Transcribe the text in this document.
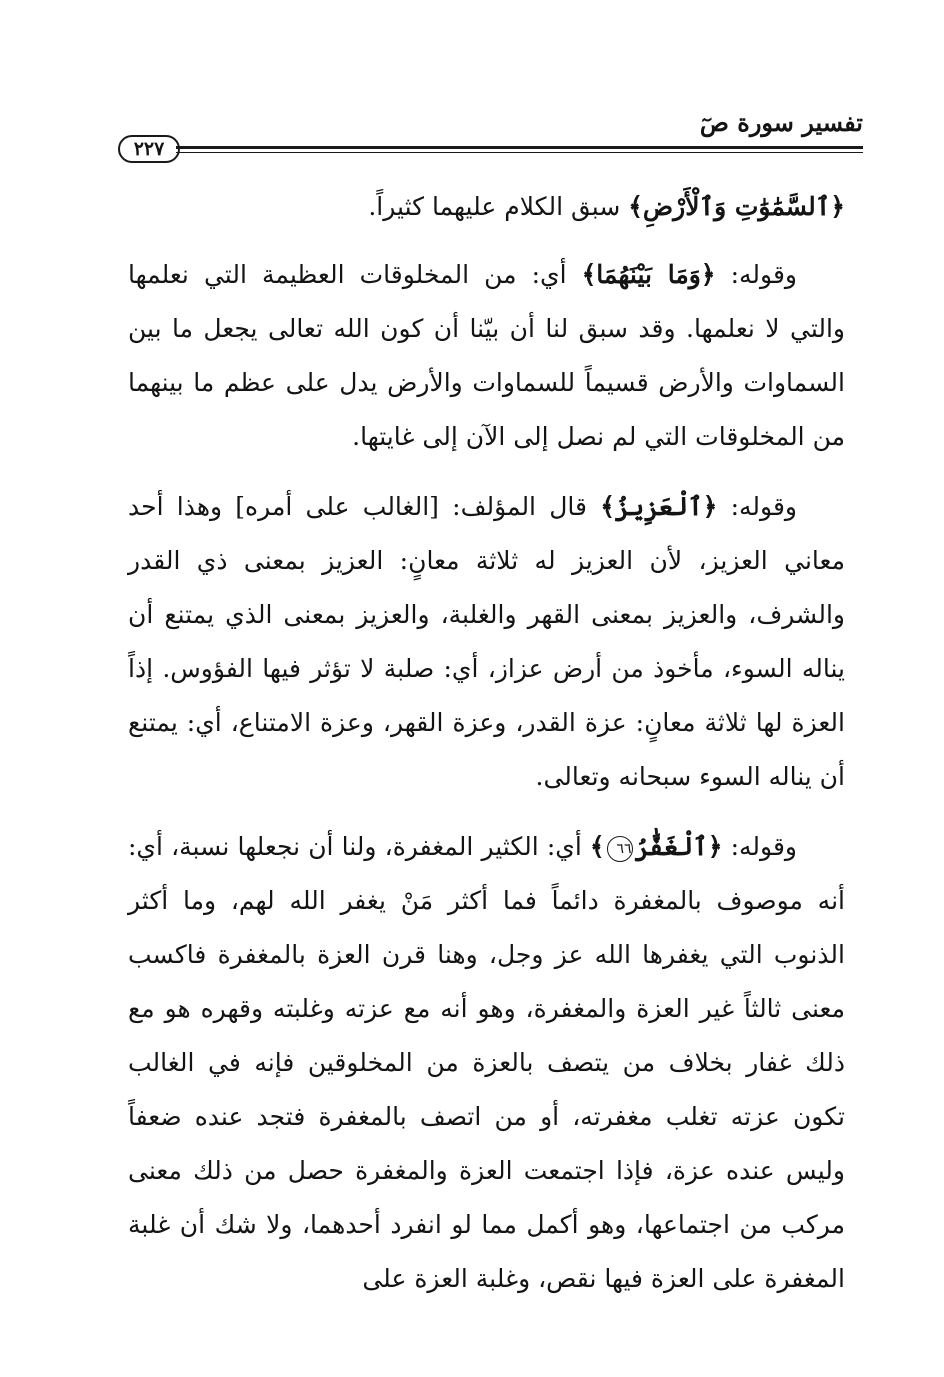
تفسير سورة صٓ
٢٢٧

﴿ٱلسَّمَٰوَٰتِ وَٱلْأَرْضِ﴾ سبق الكلام عليهما كثيراً.

وقوله: ﴿وَمَا بَيْنَهُمَا﴾ أي: من المخلوقات العظيمة التي نعلمها والتي لا نعلمها. وقد سبق لنا أن بيّنا أن كون الله تعالى يجعل ما بين السماوات والأرض قسيماً للسماوات والأرض يدل على عظم ما بينهما من المخلوقات التي لم نصل إلى الآن إلى غايتها.

وقوله: ﴿ٱلْعَزِيزُ﴾ قال المؤلف: [الغالب على أمره] وهذا أحد معاني العزيز، لأن العزيز له ثلاثة معانٍ: العزيز بمعنى ذي القدر والشرف، والعزيز بمعنى القهر والغلبة، والعزيز بمعنى الذي يمتنع أن يناله السوء، مأخوذ من أرض عزاز، أي: صلبة لا تؤثر فيها الفؤوس. إذاً العزة لها ثلاثة معانٍ: عزة القدر، وعزة القهر، وعزة الامتناع، أي: يمتنع أن يناله السوء سبحانه وتعالى.

وقوله: ﴿ٱلْغَفَّٰرُ٦٦﴾ أي: الكثير المغفرة، ولنا أن نجعلها نسبة، أي: أنه موصوف بالمغفرة دائماً فما أكثر مَنْ يغفر الله لهم، وما أكثر الذنوب التي يغفرها الله عز وجل، وهنا قرن العزة بالمغفرة فاكسب معنى ثالثاً غير العزة والمغفرة، وهو أنه مع عزته وغلبته وقهره هو مع ذلك غفار بخلاف من يتصف بالعزة من المخلوقين فإنه في الغالب تكون عزته تغلب مغفرته، أو من اتصف بالمغفرة فتجد عنده ضعفاً وليس عنده عزة، فإذا اجتمعت العزة والمغفرة حصل من ذلك معنى مركب من اجتماعها، وهو أكمل مما لو انفرد أحدهما، ولا شك أن غلبة المغفرة على العزة فيها نقص، وغلبة العزة على
